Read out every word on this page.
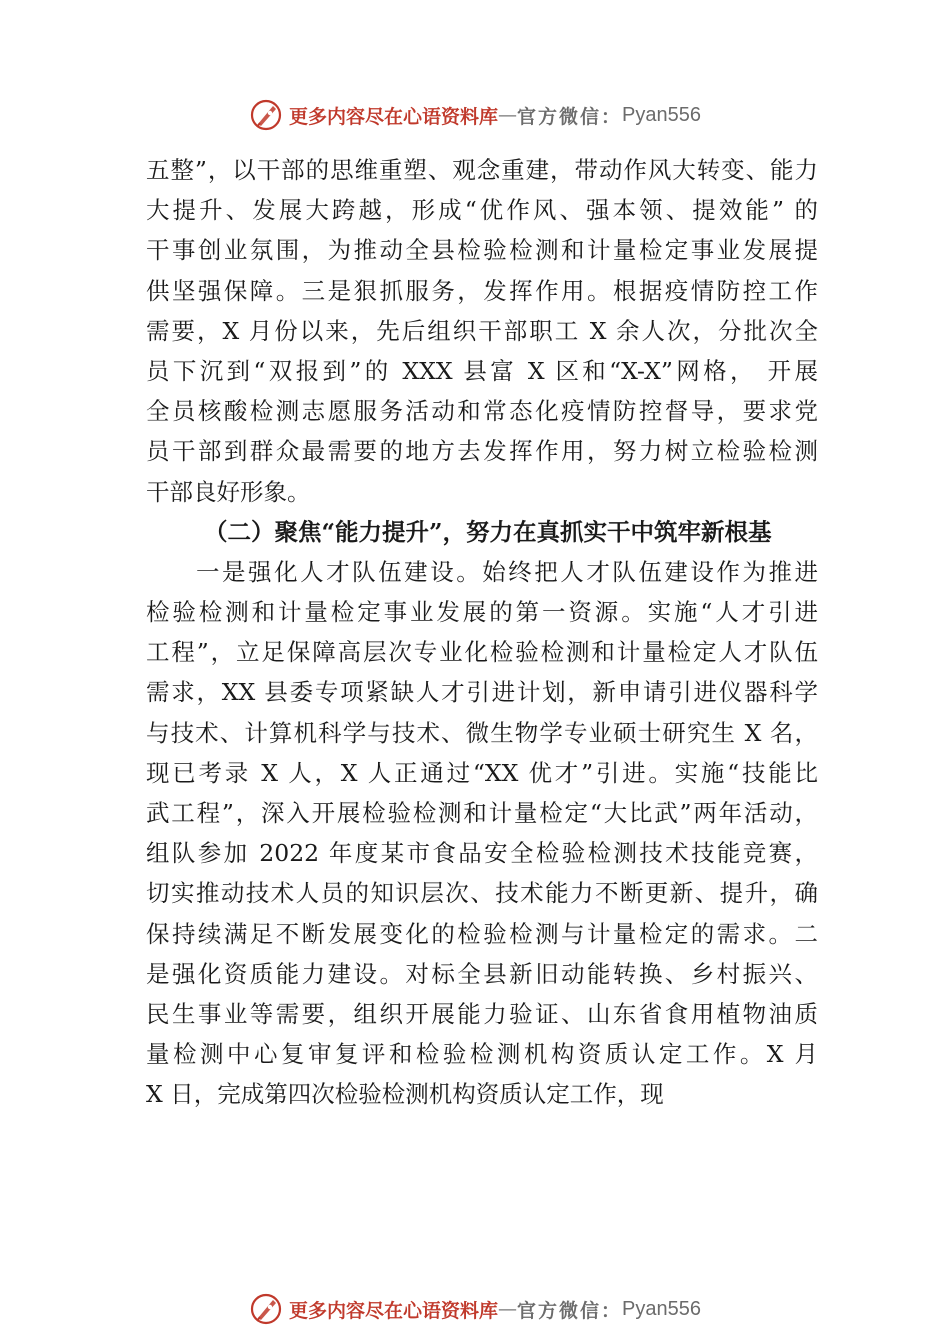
更多内容尽在心语资料库 — 官方微信： Pyan556
五整”，以干部的思维重塑、观念重建，带动作风大转变、能力
大提升、发展大跨越，形成“优作风、强本领、提效能” 的
干事创业氛围，为推动全县检验检测和计量检定事业发展提
供坚强保障。三是狠抓服务，发挥作用。根据疫情防控工作
需要，X 月份以来，先后组织干部职工 X 余人次，分批次全
员下沉到“双报到”的 XXX 县富 X 区和“X-X”网格， 开展
全员核酸检测志愿服务活动和常态化疫情防控督导，要求党
员干部到群众最需要的地方去发挥作用，努力树立检验检测
干部良好形象。
（二）聚焦“能力提升”，努力在真抓实干中筑牢新根基
一是强化人才队伍建设。始终把人才队伍建设作为推进
检验检测和计量检定事业发展的第一资源。实施“人才引进
工程”，立足保障高层次专业化检验检测和计量检定人才队伍
需求，XX 县委专项紧缺人才引进计划，新申请引进仪器科学
与技术、计算机科学与技术、微生物学专业硕士研究生 X 名，
现已考录 X 人，X 人正通过“XX 优才”引进。实施“技能比
武工程”，深入开展检验检测和计量检定“大比武”两年活动，
组队参加 2022 年度某市食品安全检验检测技术技能竞赛，
切实推动技术人员的知识层次、技术能力不断更新、提升，确
保持续满足不断发展变化的检验检测与计量检定的需求。二
是强化资质能力建设。对标全县新旧动能转换、乡村振兴、
民生事业等需要，组织开展能力验证、山东省食用植物油质
量检测中心复审复评和检验检测机构资质认定工作。X 月
X 日，完成第四次检验检测机构资质认定工作，现
更多内容尽在心语资料库 — 官方微信： Pyan556
